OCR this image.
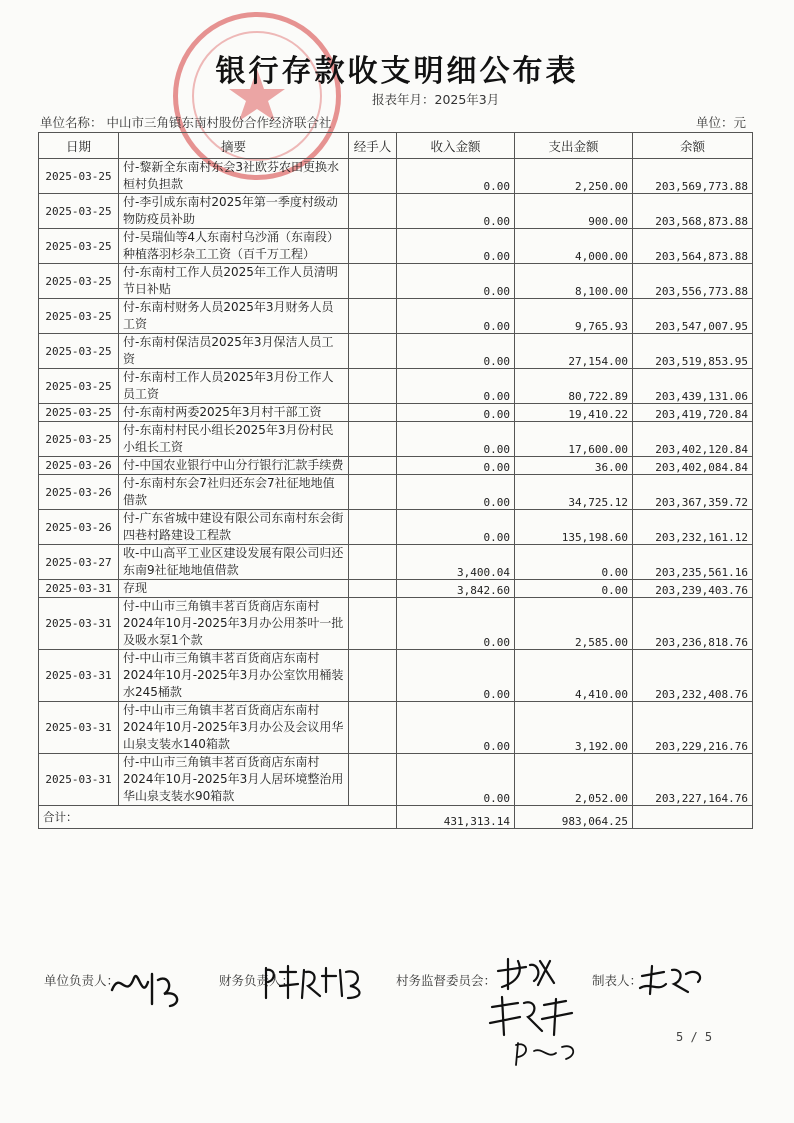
银行存款收支明细公布表
报表年月：2025年3月
单位名称： 中山市三角镇东南村股份合作经济联合社	单位：元
日期	摘要	经手人	收入金额	支出金额	余额
2025-03-25	付-黎新全东南村东会3社欧芬农田更换水桓村负担款		0.00	2,250.00	203,569,773.88
2025-03-25	付-李引成东南村2025年第一季度村级动物防疫员补助		0.00	900.00	203,568,873.88
2025-03-25	付-吴瑞仙等4人东南村乌沙涌（东南段）种植落羽杉杂工工资（百千万工程）		0.00	4,000.00	203,564,873.88
2025-03-25	付-东南村工作人员2025年工作人员清明节日补贴		0.00	8,100.00	203,556,773.88
2025-03-25	付-东南村财务人员2025年3月财务人员工资		0.00	9,765.93	203,547,007.95
2025-03-25	付-东南村保洁员2025年3月保洁人员工资		0.00	27,154.00	203,519,853.95
2025-03-25	付-东南村工作人员2025年3月份工作人员工资		0.00	80,722.89	203,439,131.06
2025-03-25	付-东南村两委2025年3月村干部工资		0.00	19,410.22	203,419,720.84
2025-03-25	付-东南村村民小组长2025年3月份村民小组长工资		0.00	17,600.00	203,402,120.84
2025-03-26	付-中国农业银行中山分行银行汇款手续费		0.00	36.00	203,402,084.84
2025-03-26	付-东南村东会7社归还东会7社征地地值借款		0.00	34,725.12	203,367,359.72
2025-03-26	付-广东省城中建设有限公司东南村东会街四巷村路建设工程款		0.00	135,198.60	203,232,161.12
2025-03-27	收-中山高平工业区建设发展有限公司归还东南9社征地地值借款		3,400.04	0.00	203,235,561.16
2025-03-31	存现		3,842.60	0.00	203,239,403.76
2025-03-31	付-中山市三角镇丰茗百货商店东南村2024年10月-2025年3月办公用茶叶一批及吸水泵1个款		0.00	2,585.00	203,236,818.76
2025-03-31	付-中山市三角镇丰茗百货商店东南村2024年10月-2025年3月办公室饮用桶装水245桶款		0.00	4,410.00	203,232,408.76
2025-03-31	付-中山市三角镇丰茗百货商店东南村2024年10月-2025年3月办公及会议用华山泉支装水140箱款		0.00	3,192.00	203,229,216.76
2025-03-31	付-中山市三角镇丰茗百货商店东南村2024年10月-2025年3月人居环境整治用华山泉支装水90箱款		0.00	2,052.00	203,227,164.76
合计：			431,313.14	983,064.25	
单位负责人：	财务负责人：	村务监督委员会：	制表人：
5 / 5
